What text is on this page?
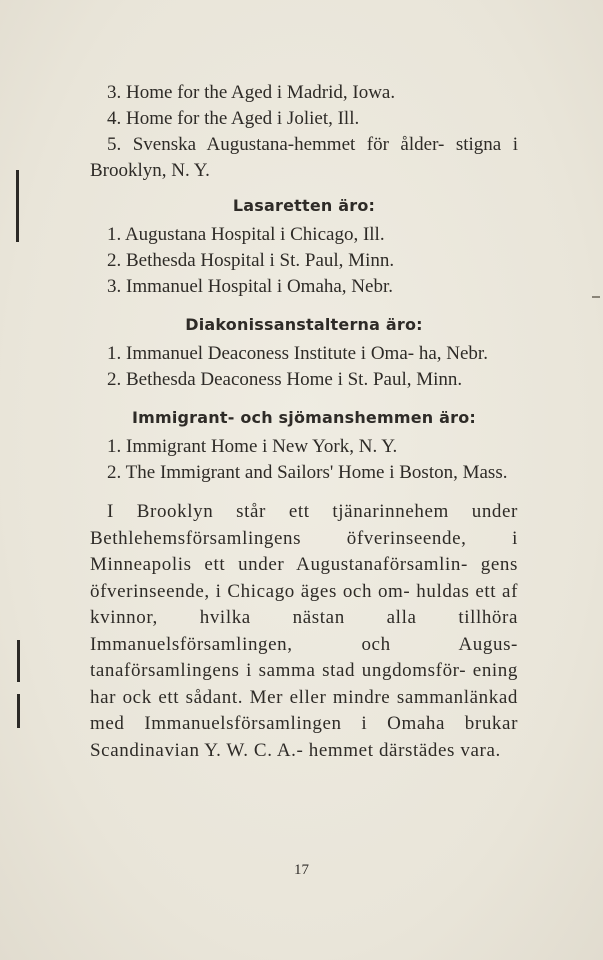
3. Home for the Aged i Madrid, Iowa.

4. Home for the Aged i Joliet, Ill.

5. Svenska Augustana-hemmet för ålder- stigna i Brooklyn, N. Y.

Lasaretten äro:

1. Augustana Hospital i Chicago, Ill.

2. Bethesda Hospital i St. Paul, Minn.

3. Immanuel Hospital i Omaha, Nebr.

Diakonissanstalterna äro:

1. Immanuel Deaconess Institute i Oma- ha, Nebr.

2. Bethesda Deaconess Home i St. Paul, Minn.

Immigrant- och sjömanshemmen äro:

1. Immigrant Home i New York, N. Y.

2. The Immigrant and Sailors' Home i Boston, Mass.

I Brooklyn står ett tjänarinnehem under Bethlehemsförsamlingens öfverinseende, i Minneapolis ett under Augustanaförsamlin- gens öfverinseende, i Chicago äges och om- huldas ett af kvinnor, hvilka nästan alla tillhöra Immanuelsförsamlingen, och Augus- tanaförsamlingens i samma stad ungdomsför- ening har ock ett sådant. Mer eller mindre sammanlänkad med Immanuelsförsamlingen i Omaha brukar Scandinavian Y. W. C. A.- hemmet därstädes vara.

17
